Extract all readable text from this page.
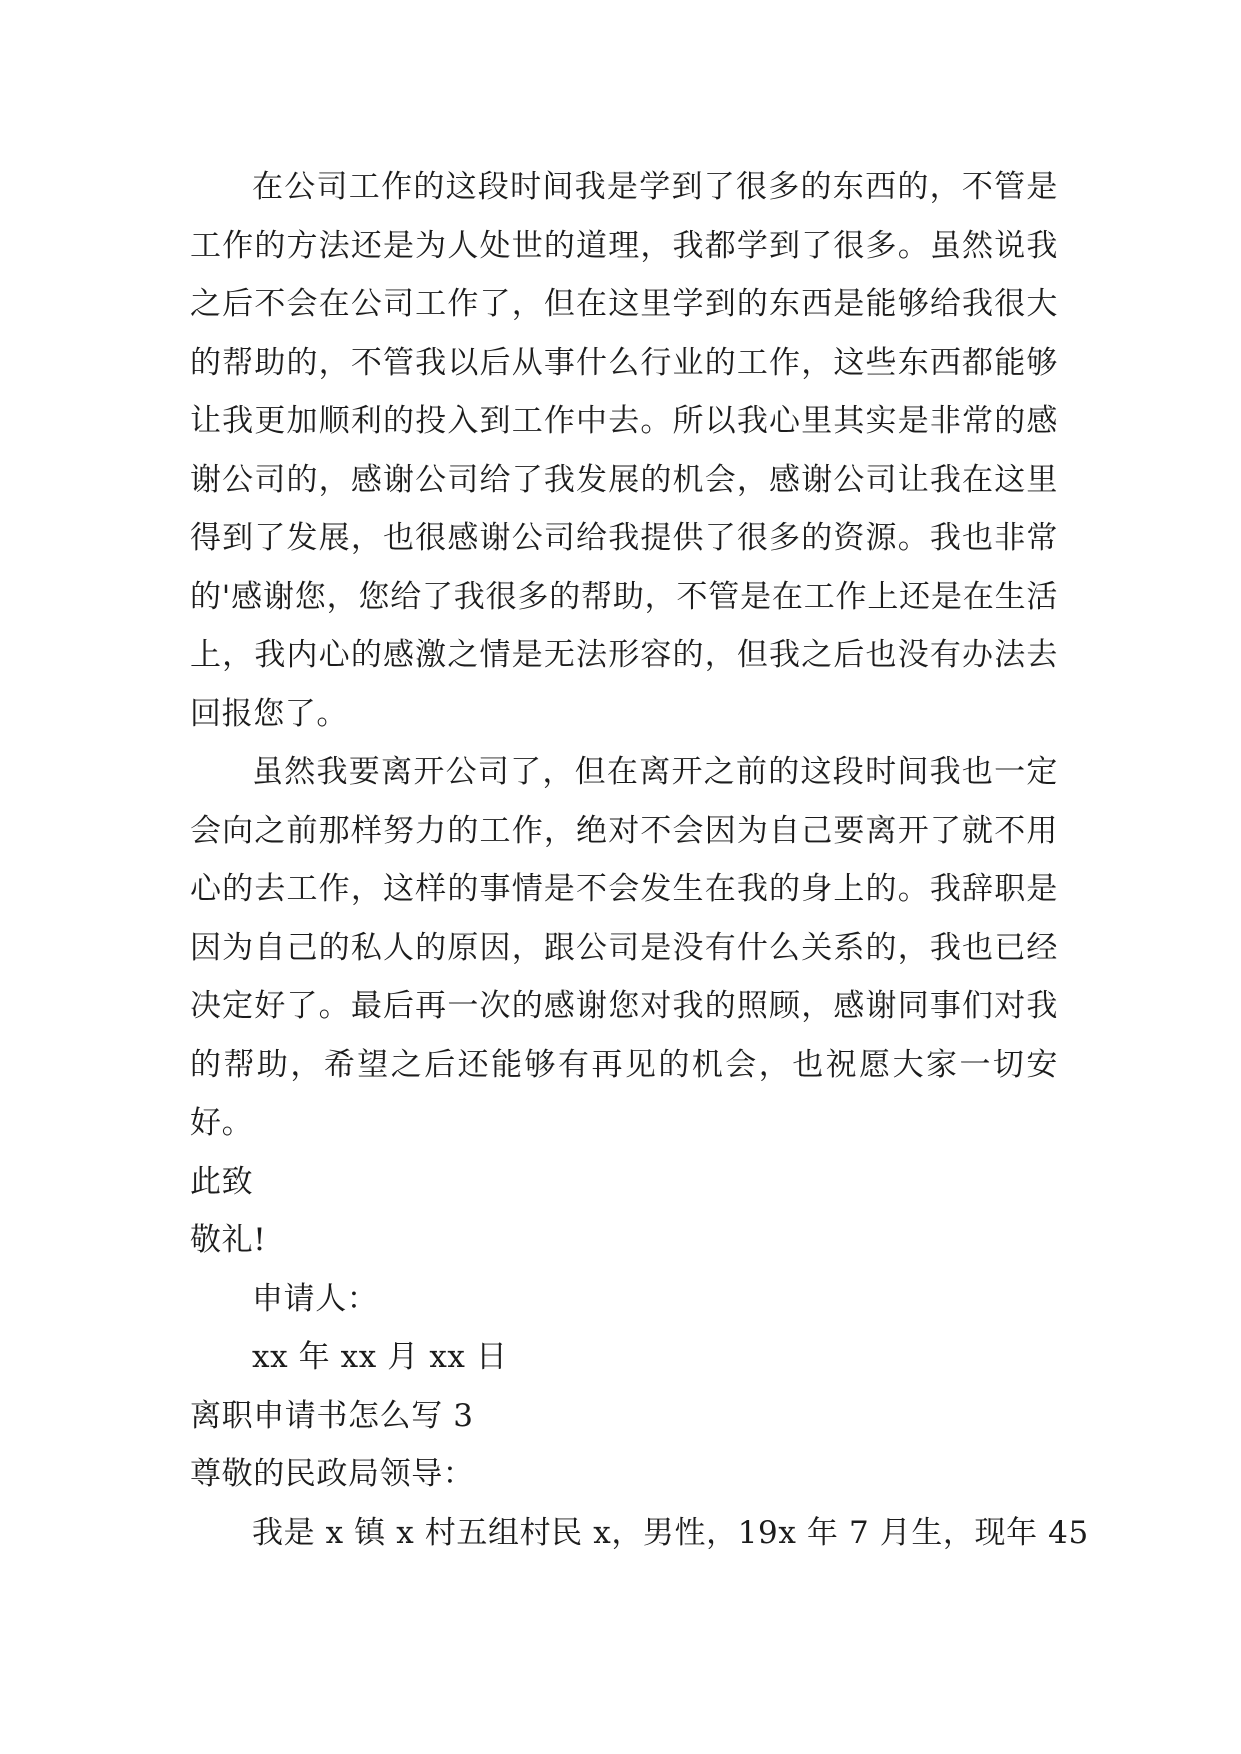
在公司工作的这段时间我是学到了很多的东西的，不管是工作的方法还是为人处世的道理，我都学到了很多。虽然说我之后不会在公司工作了，但在这里学到的东西是能够给我很大的帮助的，不管我以后从事什么行业的工作，这些东西都能够让我更加顺利的投入到工作中去。所以我心里其实是非常的感谢公司的，感谢公司给了我发展的机会，感谢公司让我在这里得到了发展，也很感谢公司给我提供了很多的资源。我也非常的'感谢您，您给了我很多的帮助，不管是在工作上还是在生活上，我内心的感激之情是无法形容的，但我之后也没有办法去回报您了。

虽然我要离开公司了，但在离开之前的这段时间我也一定会向之前那样努力的工作，绝对不会因为自己要离开了就不用心的去工作，这样的事情是不会发生在我的身上的。我辞职是因为自己的私人的原因，跟公司是没有什么关系的，我也已经决定好了。最后再一次的感谢您对我的照顾，感谢同事们对我的帮助，希望之后还能够有再见的机会，也祝愿大家一切安好。

此致

敬礼!

申请人：

xx 年 xx 月 xx 日

离职申请书怎么写 3

尊敬的民政局领导：

我是 x 镇 x 村五组村民 x，男性，19x 年 7 月生，现年 45
